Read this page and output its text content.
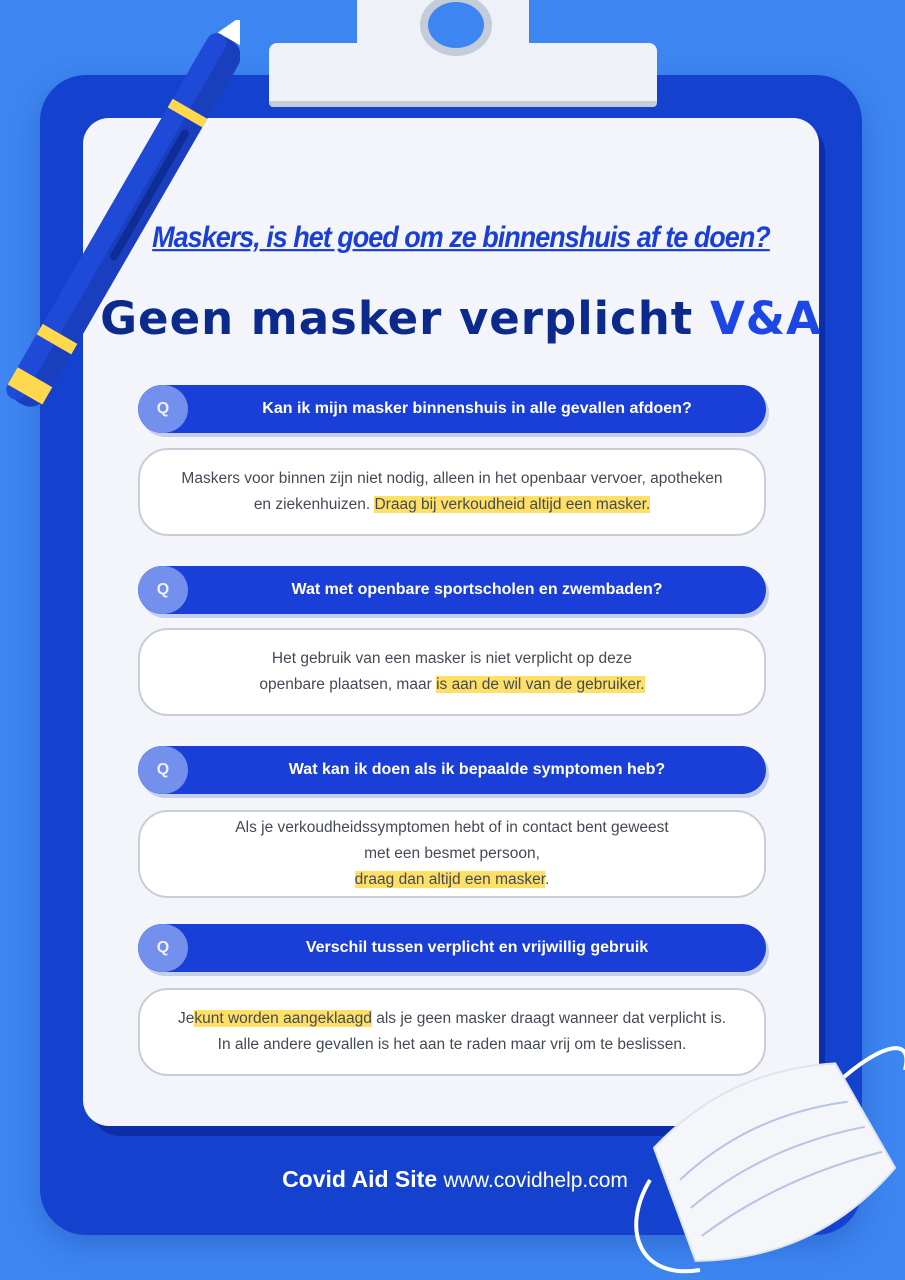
Maskers, is het goed om ze binnenshuis af te doen?
Geen masker verplicht V&A
Q	Kan ik mijn masker binnenshuis in alle gevallen afdoen?
Maskers voor binnen zijn niet nodig, alleen in het openbaar vervoer, apotheken
en ziekenhuizen. Draag bij verkoudheid altijd een masker.
Q	Wat met openbare sportscholen en zwembaden?
Het gebruik van een masker is niet verplicht op deze
openbare plaatsen, maar is aan de wil van de gebruiker.
Q	Wat kan ik doen als ik bepaalde symptomen heb?
Als je verkoudheidssymptomen hebt of in contact bent geweest
met een besmet persoon,
draag dan altijd een masker.
Q	Verschil tussen verplicht en vrijwillig gebruik
Jekunt worden aangeklaagd als je geen masker draagt wanneer dat verplicht is.
In alle andere gevallen is het aan te raden maar vrij om te beslissen.
Covid Aid Site www.covidhelp.com
